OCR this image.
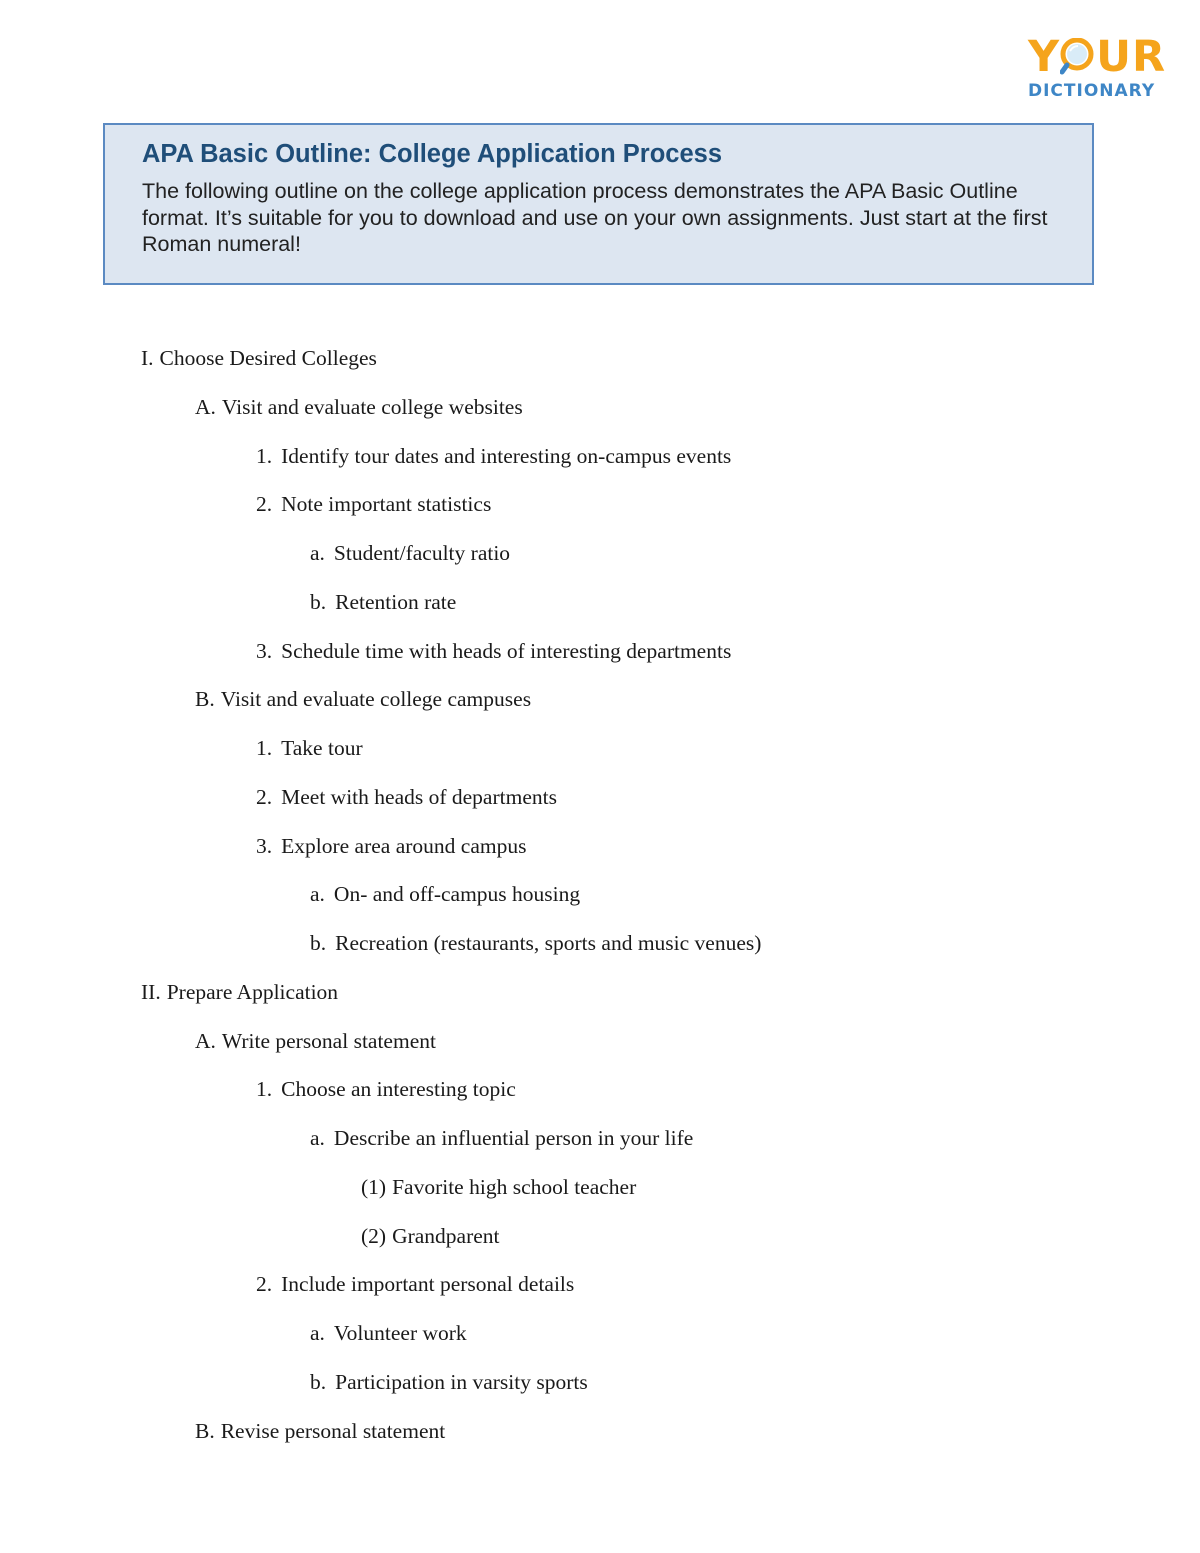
Y UR
DICTIONARY
APA Basic Outline: College Application Process

The following outline on the college application process demonstrates the APA Basic Outline format. It’s suitable for you to download and use on your own assignments. Just start at the first Roman numeral!

I. Choose Desired Colleges
A. Visit and evaluate college websites
1. Identify tour dates and interesting on-campus events
2. Note important statistics
a. Student/faculty ratio
b. Retention rate
3. Schedule time with heads of interesting departments
B. Visit and evaluate college campuses
1. Take tour
2. Meet with heads of departments
3. Explore area around campus
a. On- and off-campus housing
b. Recreation (restaurants, sports and music venues)
II. Prepare Application
A. Write personal statement
1. Choose an interesting topic
a. Describe an influential person in your life
(1) Favorite high school teacher
(2) Grandparent
2. Include important personal details
a. Volunteer work
b. Participation in varsity sports
B. Revise personal statement
